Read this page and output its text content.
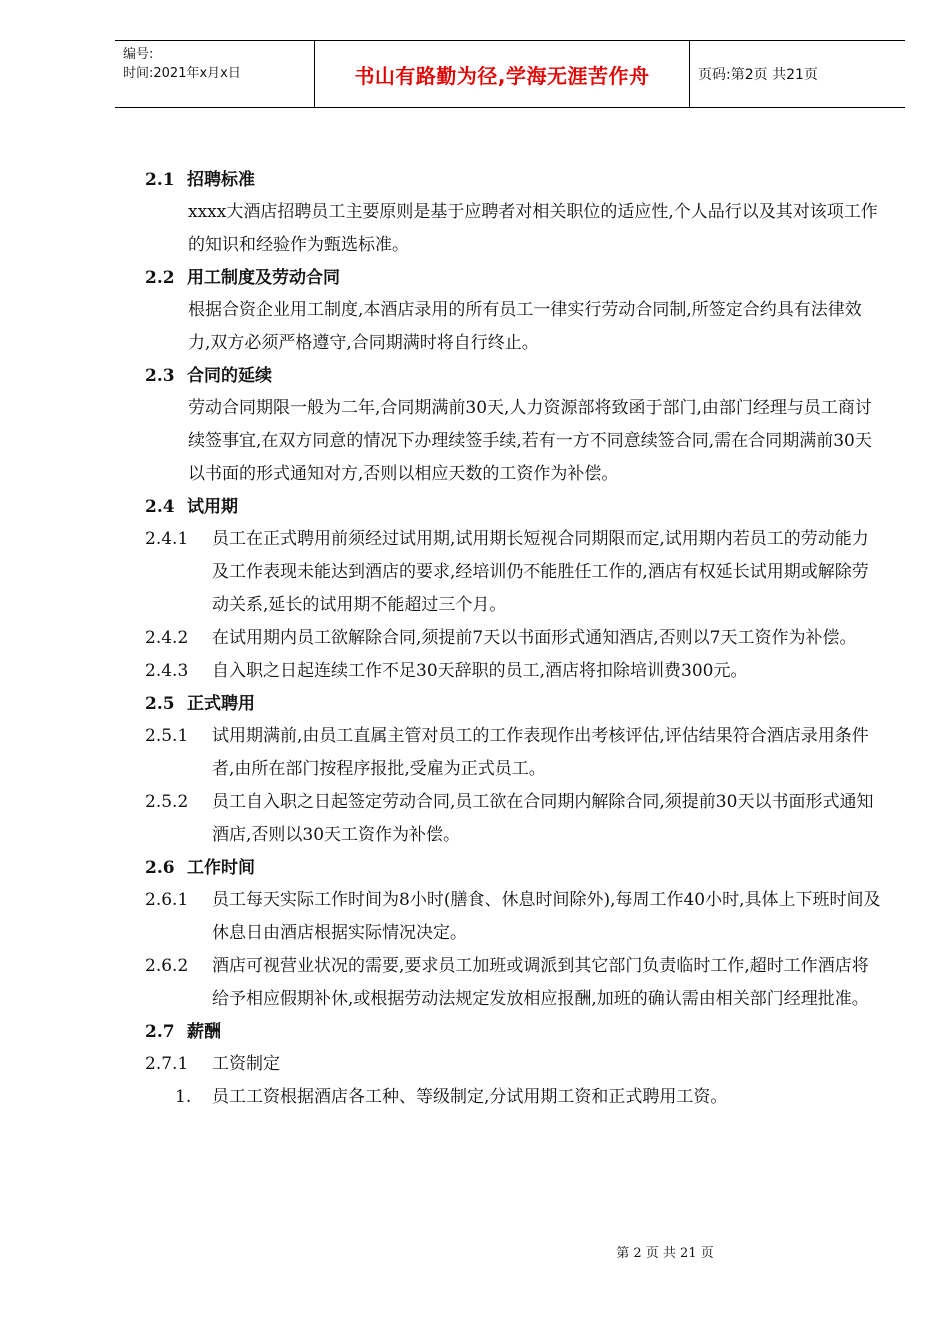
编号:
时间:2021年x月x日	书山有路勤为径,学海无涯苦作舟	页码:第2页 共21页

2.1 招聘标准

xxxx大酒店招聘员工主要原则是基于应聘者对相关职位的适应性,个人品行以及其对该项工作的知识和经验作为甄选标准。

2.2 用工制度及劳动合同

根据合资企业用工制度,本酒店录用的所有员工一律实行劳动合同制,所签定合约具有法律效力,双方必须严格遵守,合同期满时将自行终止。

2.3 合同的延续

劳动合同期限一般为二年,合同期满前30天,人力资源部将致函于部门,由部门经理与员工商讨续签事宜,在双方同意的情况下办理续签手续,若有一方不同意续签合同,需在合同期满前30天以书面的形式通知对方,否则以相应天数的工资作为补偿。

2.4 试用期

2.4.1 员工在正式聘用前须经过试用期,试用期长短视合同期限而定,试用期内若员工的劳动能力及工作表现未能达到酒店的要求,经培训仍不能胜任工作的,酒店有权延长试用期或解除劳动关系,延长的试用期不能超过三个月。

2.4.2 在试用期内员工欲解除合同,须提前7天以书面形式通知酒店,否则以7天工资作为补偿。

2.4.3 自入职之日起连续工作不足30天辞职的员工,酒店将扣除培训费300元。

2.5 正式聘用

2.5.1 试用期满前,由员工直属主管对员工的工作表现作出考核评估,评估结果符合酒店录用条件者,由所在部门按程序报批,受雇为正式员工。

2.5.2 员工自入职之日起签定劳动合同,员工欲在合同期内解除合同,须提前30天以书面形式通知酒店,否则以30天工资作为补偿。

2.6 工作时间

2.6.1 员工每天实际工作时间为8小时(膳食、休息时间除外),每周工作40小时,具体上下班时间及休息日由酒店根据实际情况决定。

2.6.2 酒店可视营业状况的需要,要求员工加班或调派到其它部门负责临时工作,超时工作酒店将给予相应假期补休,或根据劳动法规定发放相应报酬,加班的确认需由相关部门经理批准。

2.7 薪酬

2.7.1 工资制定

1. 员工工资根据酒店各工种、等级制定,分试用期工资和正式聘用工资。

第 2 页 共 21 页
